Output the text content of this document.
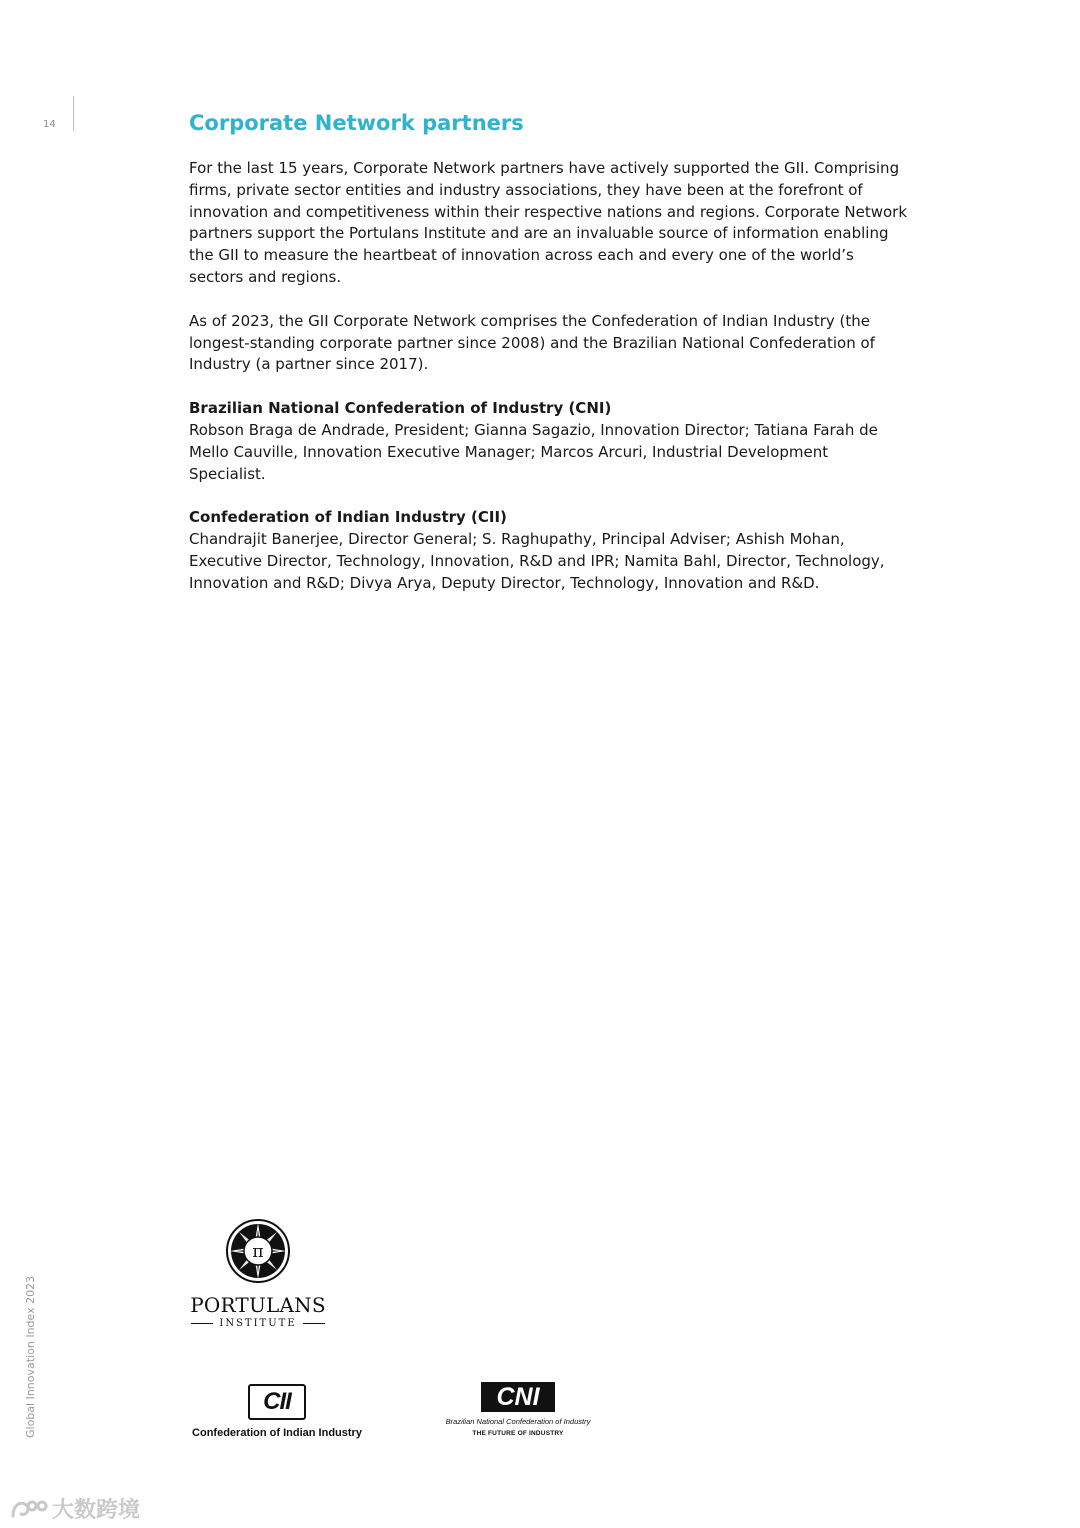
14
Global Innovation Index 2023
Corporate Network partners

For the last 15 years, Corporate Network partners have actively supported the GII. Comprising firms, private sector entities and industry associations, they have been at the forefront of innovation and competitiveness within their respective nations and regions. Corporate Network partners support the Portulans Institute and are an invaluable source of information enabling the GII to measure the heartbeat of innovation across each and every one of the world’s sectors and regions.

As of 2023, the GII Corporate Network comprises the Confederation of Indian Industry (the longest-standing corporate partner since 2008) and the Brazilian National Confederation of Industry (a partner since 2017).

Brazilian National Confederation of Industry (CNI)

Robson Braga de Andrade, President; Gianna Sagazio, Innovation Director; Tatiana Farah de Mello Cauville, Innovation Executive Manager; Marcos Arcuri, Industrial Development Specialist.

Confederation of Indian Industry (CII)

Chandrajit Banerjee, Director General; S. Raghupathy, Principal Adviser; Ashish Mohan, Executive Director, Technology, Innovation, R&D and IPR; Namita Bahl, Director, Technology, Innovation and R&D; Divya Arya, Deputy Director, Technology, Innovation and R&D.

π
PORTULANS
INSTITUTE
CII
Confederation of Indian Industry
CNI
Brazilian National Confederation of Industry
THE FUTURE OF INDUSTRY
大数跨境
